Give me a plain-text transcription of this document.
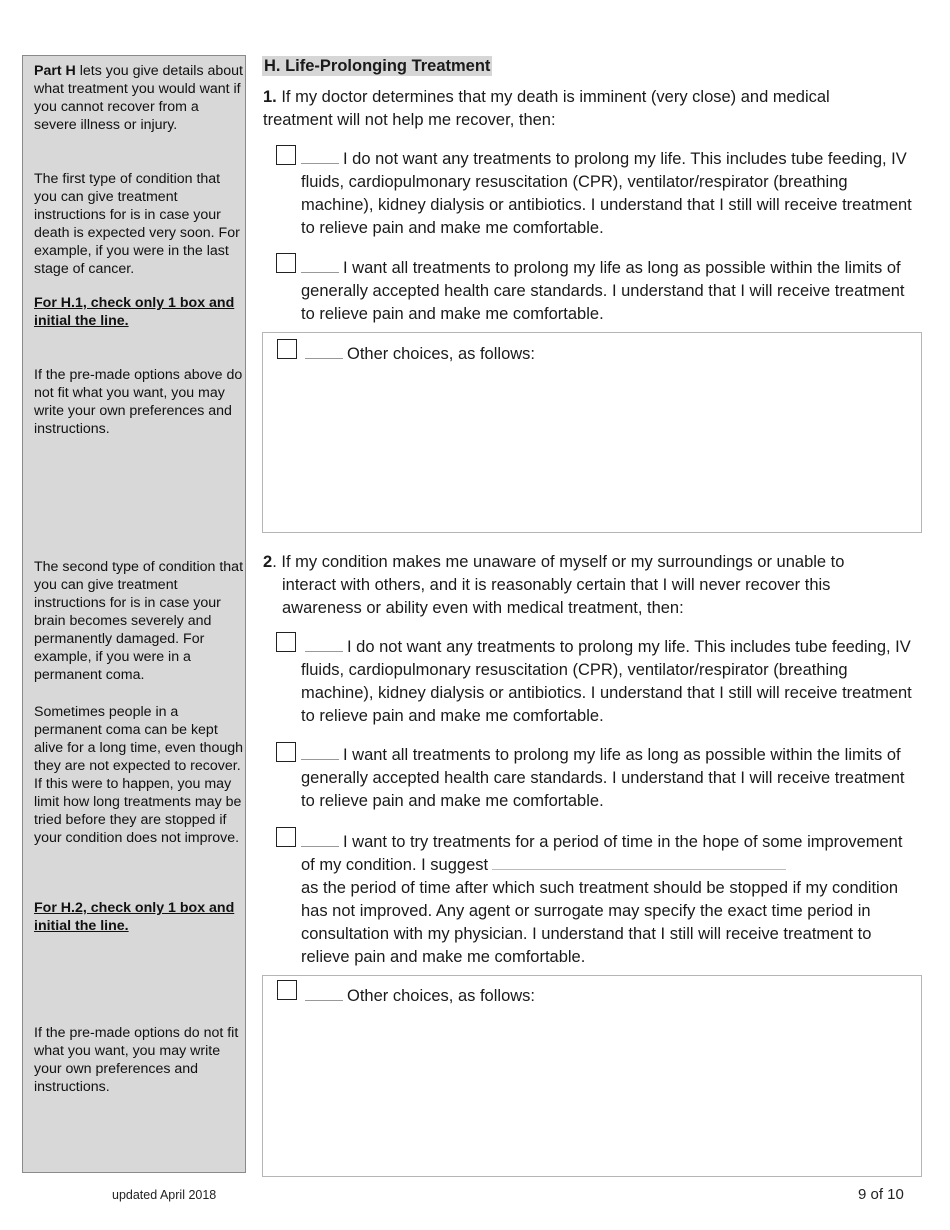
Part H lets you give details about what treatment you would want if you cannot recover from a severe illness or injury.
The first type of condition that you can give treatment instructions for is in case your death is expected very soon. For example, if you were in the last stage of cancer.
For H.1, check only 1 box and initial the line.
If the pre-made options above do not fit what you want, you may write your own preferences and instructions.
The second type of condition that you can give treatment instructions for is in case your brain becomes severely and permanently damaged. For example, if you were in a permanent coma.
Sometimes people in a permanent coma can be kept alive for a long time, even though they are not expected to recover. If this were to happen, you may limit how long treatments may be tried before they are stopped if your condition does not improve.
For H.2, check only 1 box and initial the line.
If the pre-made options do not fit what you want, you may write your own preferences and instructions.
H. Life-Prolonging Treatment
1. If my doctor determines that my death is imminent (very close) and medical treatment will not help me recover, then:
I do not want any treatments to prolong my life. This includes tube feeding, IV fluids, cardiopulmonary resuscitation (CPR), ventilator/respirator (breathing machine), kidney dialysis or antibiotics. I understand that I still will receive treatment to relieve pain and make me comfortable.
I want all treatments to prolong my life as long as possible within the limits of generally accepted health care standards. I understand that I will receive treatment to relieve pain and make me comfortable.
Other choices, as follows:
2. If my condition makes me unaware of myself or my surroundings or unable to interact with others, and it is reasonably certain that I will never recover this awareness or ability even with medical treatment, then:
I do not want any treatments to prolong my life. This includes tube feeding, IV fluids, cardiopulmonary resuscitation (CPR), ventilator/respirator (breathing machine), kidney dialysis or antibiotics. I understand that I still will receive treatment to relieve pain and make me comfortable.
I want all treatments to prolong my life as long as possible within the limits of generally accepted health care standards. I understand that I will receive treatment to relieve pain and make me comfortable.
I want to try treatments for a period of time in the hope of some improvement of my condition. I suggest
as the period of time after which such treatment should be stopped if my condition has not improved. Any agent or surrogate may specify the exact time period in consultation with my physician. I understand that I still will receive treatment to relieve pain and make me comfortable.
Other choices, as follows:
updated April 2018	9 of 10
